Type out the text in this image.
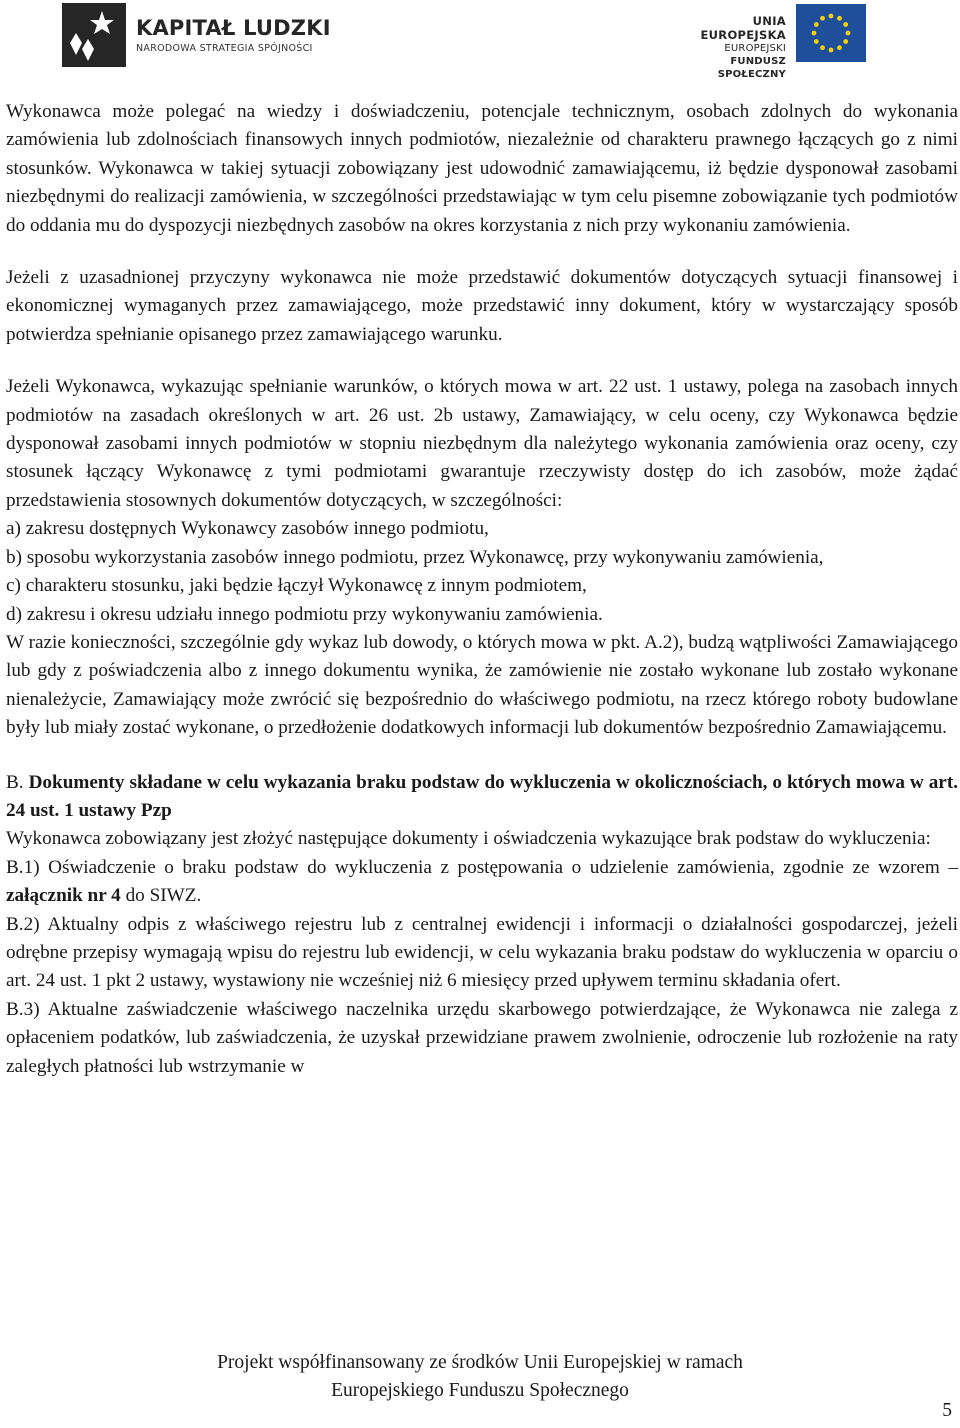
KAPITAŁ LUDZKI
NARODOWA STRATEGIA SPÓJNOŚCI
UNIA EUROPEJSKA
EUROPEJSKI
FUNDUSZ SPOŁECZNY

Wykonawca może polegać na wiedzy i doświadczeniu, potencjale technicznym, osobach zdolnych do wykonania zamówienia lub zdolnościach finansowych innych podmiotów, niezależnie od charakteru prawnego łączących go z nimi stosunków. Wykonawca w takiej sytuacji zobowiązany jest udowodnić zamawiającemu, iż będzie dysponował zasobami niezbędnymi do realizacji zamówienia, w szczególności przedstawiając w tym celu pisemne zobowiązanie tych podmiotów do oddania mu do dyspozycji niezbędnych zasobów na okres korzystania z nich przy wykonaniu zamówienia.

Jeżeli z uzasadnionej przyczyny wykonawca nie może przedstawić dokumentów dotyczących sytuacji finansowej i ekonomicznej wymaganych przez zamawiającego, może przedstawić inny dokument, który w wystarczający sposób potwierdza spełnianie opisanego przez zamawiającego warunku.

Jeżeli Wykonawca, wykazując spełnianie warunków, o których mowa w art. 22 ust. 1 ustawy, polega na zasobach innych podmiotów na zasadach określonych w art. 26 ust. 2b ustawy, Zamawiający, w celu oceny, czy Wykonawca będzie dysponował zasobami innych podmiotów w stopniu niezbędnym dla należytego wykonania zamówienia oraz oceny, czy stosunek łączący Wykonawcę z tymi podmiotami gwarantuje rzeczywisty dostęp do ich zasobów, może żądać przedstawienia stosownych dokumentów dotyczących, w szczególności:

a) zakresu dostępnych Wykonawcy zasobów innego podmiotu,

b) sposobu wykorzystania zasobów innego podmiotu, przez Wykonawcę, przy wykonywaniu zamówienia,

c) charakteru stosunku, jaki będzie łączył Wykonawcę z innym podmiotem,

d) zakresu i okresu udziału innego podmiotu przy wykonywaniu zamówienia.

W razie konieczności, szczególnie gdy wykaz lub dowody, o których mowa w pkt. A.2), budzą wątpliwości Zamawiającego lub gdy z poświadczenia albo z innego dokumentu wynika, że zamówienie nie zostało wykonane lub zostało wykonane nienależycie, Zamawiający może zwrócić się bezpośrednio do właściwego podmiotu, na rzecz którego roboty budowlane były lub miały zostać wykonane, o przedłożenie dodatkowych informacji lub dokumentów bezpośrednio Zamawiającemu.

B. Dokumenty składane w celu wykazania braku podstaw do wykluczenia w okolicznościach, o których mowa w art. 24 ust. 1 ustawy Pzp

Wykonawca zobowiązany jest złożyć następujące dokumenty i oświadczenia wykazujące brak podstaw do wykluczenia:

B.1) Oświadczenie o braku podstaw do wykluczenia z postępowania o udzielenie zamówienia, zgodnie ze wzorem – załącznik nr 4 do SIWZ.

B.2) Aktualny odpis z właściwego rejestru lub z centralnej ewidencji i informacji o działalności gospodarczej, jeżeli odrębne przepisy wymagają wpisu do rejestru lub ewidencji, w celu wykazania braku podstaw do wykluczenia w oparciu o art. 24 ust. 1 pkt 2 ustawy, wystawiony nie wcześniej niż 6 miesięcy przed upływem terminu składania ofert.

B.3) Aktualne zaświadczenie właściwego naczelnika urzędu skarbowego potwierdzające, że Wykonawca nie zalega z opłaceniem podatków, lub zaświadczenia, że uzyskał przewidziane prawem zwolnienie, odroczenie lub rozłożenie na raty zaległych płatności lub wstrzymanie w

Projekt współfinansowany ze środków Unii Europejskiej w ramach
Europejskiego Funduszu Społecznego
5
